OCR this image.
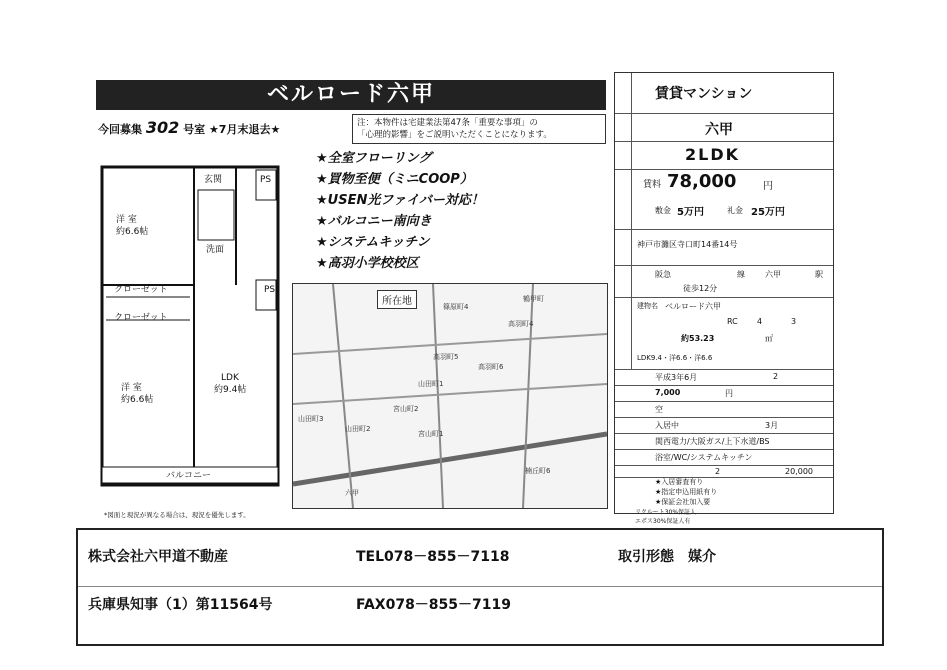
ベルロード六甲
今回募集 302 号室 ★7月末退去★	注：本物件は宅建業法第47条「重要な事項」の
「心理的影響」をご説明いただくことになります。
玄関	PS
洋 室
約6.6帖
洗面
クローゼット
クローゼット
PS
洋 室
約6.6帖
LDK
約9.4帖
バルコニー
*図面と現況が異なる場合は、現況を優先します。
★全室フローリング
★買物至便（ミニCOOP）
★USEN光ファイバー対応！
★バルコニー南向き
★システムキッチン
★高羽小学校校区
所在地
六甲
篠原町4
高羽町4
高羽町5
高羽町6
山田町1
山田町2
山田町3
宮山町1
宮山町2
楠丘町6
鶴甲町
賃貸マンション
六甲
2LDK
賃料 78,000	円
敷金 5万円	礼金 25万円
神戸市灘区寺口町14番14号
阪急	線	六甲	駅
徒歩12分
建物名 ベルロード六甲
RC 4	3
約53.23	㎡
LDK9.4・洋6.6・洋6.6
平成3年6月	2
7,000	円
空
入居中	3月
関西電力/大阪ガス/上下水道/BS
浴室/WC/システムキッチン
2	20,000
★入居審査有り
★指定申込用紙有り
★保証会社加入要
リクルート30%保証人
エポス30%保証人有
株式会社六甲道不動産	TEL078－855－7118	取引形態　媒介
兵庫県知事（1）第11564号	FAX078－855－7119
